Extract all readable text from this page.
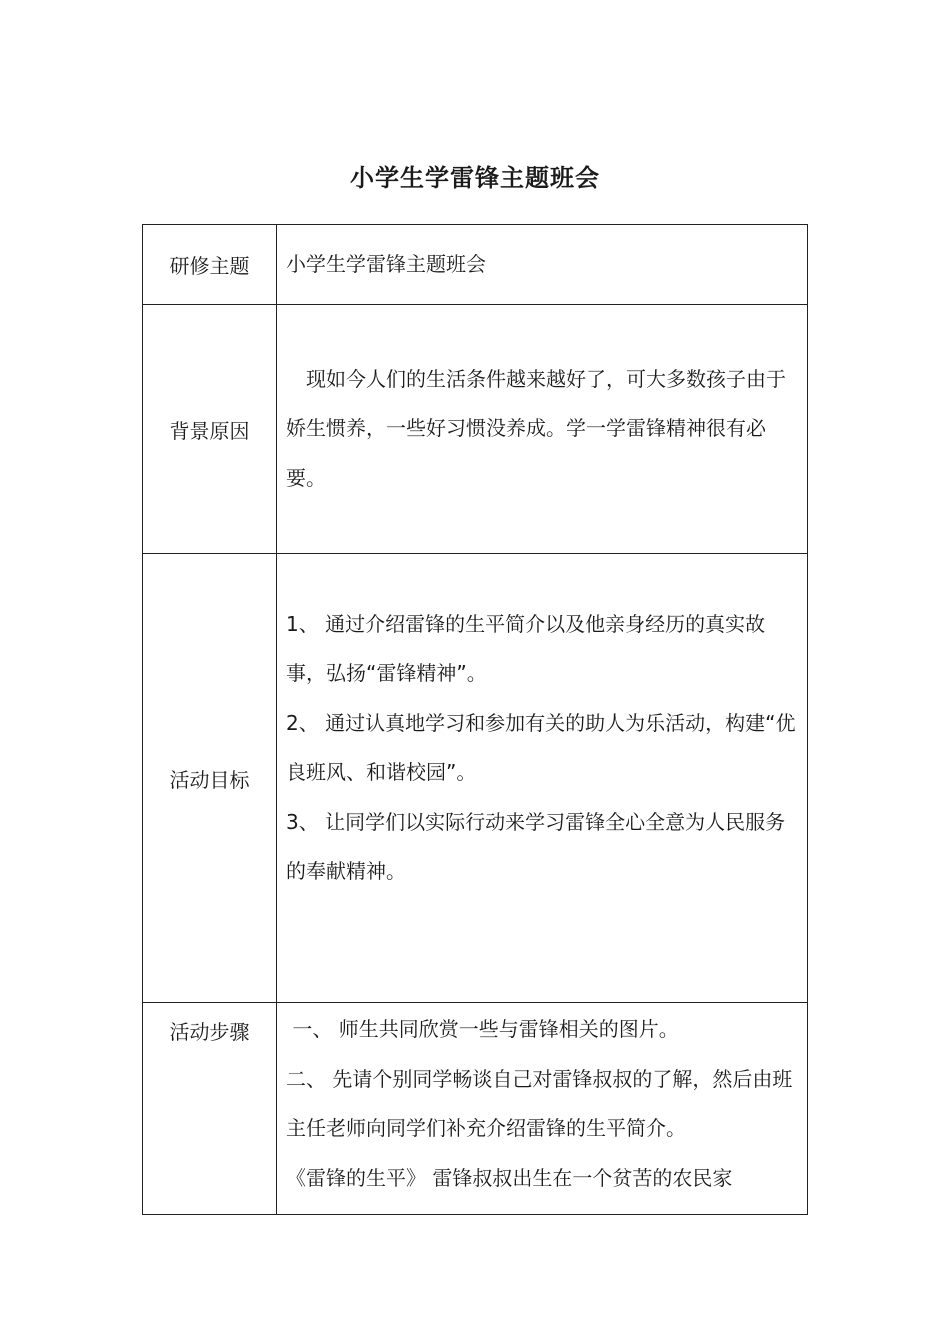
小学生学雷锋主题班会
研修主题	小学生学雷锋主题班会
背景原因	现如今人们的生活条件越来越好了，可大多数孩子由于娇生惯养，一些好习惯没养成。学一学雷锋精神很有必要。

活动目标	1、 通过介绍雷锋的生平简介以及他亲身经历的真实故事，弘扬“雷锋精神”。

2、 通过认真地学习和参加有关的助人为乐活动，构建“优良班风、和谐校园”。

3、 让同学们以实际行动来学习雷锋全心全意为人民服务的奉献精神。

活动步骤	一、 师生共同欣赏一些与雷锋相关的图片。

二、 先请个别同学畅谈自己对雷锋叔叔的了解，然后由班主任老师向同学们补充介绍雷锋的生平简介。

《雷锋的生平》 雷锋叔叔出生在一个贫苦的农民家
